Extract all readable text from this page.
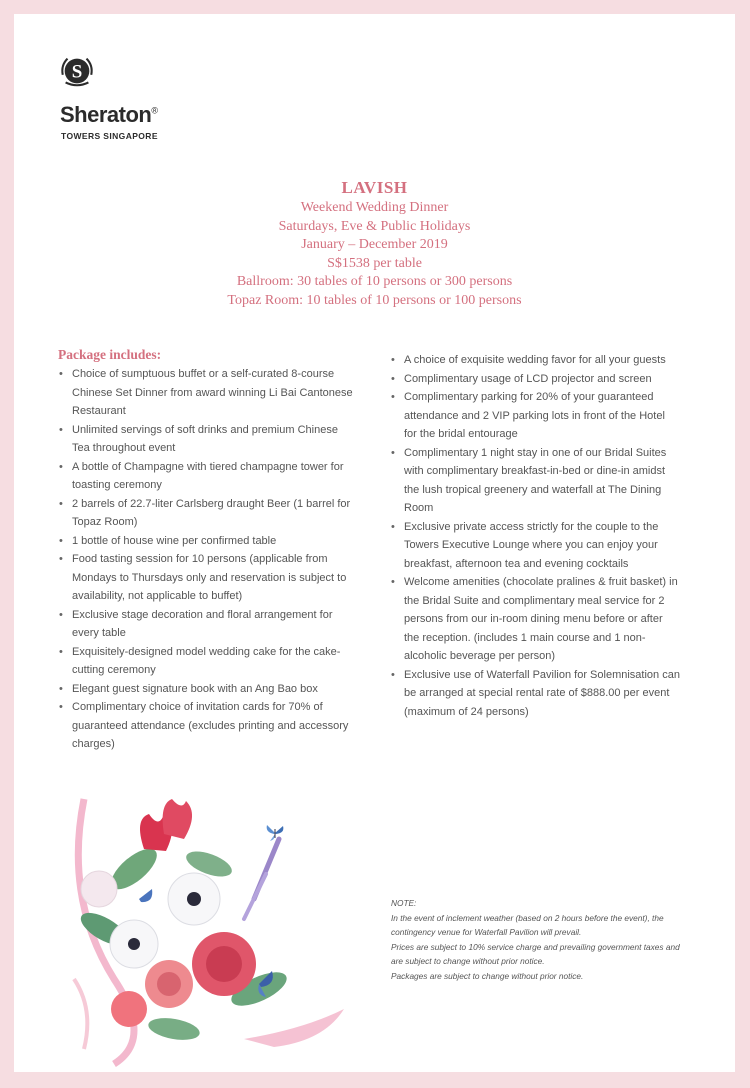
S
Sheraton®
TOWERS SINGAPORE
LAVISH
Weekend Wedding Dinner
Saturdays, Eve & Public Holidays
January – December 2019
S$1538 per table
Ballroom: 30 tables of 10 persons or 300 persons
Topaz Room: 10 tables of 10 persons or 100 persons
Package includes:
• Choice of sumptuous buffet or a self-curated 8-course Chinese Set Dinner from award winning Li Bai Cantonese Restaurant
• Unlimited servings of soft drinks and premium Chinese Tea throughout event
• A bottle of Champagne with tiered champagne tower for toasting ceremony
• 2 barrels of 22.7-liter Carlsberg draught Beer (1 barrel for Topaz Room)
• 1 bottle of house wine per confirmed table
• Food tasting session for 10 persons (applicable from Mondays to Thursdays only and reservation is subject to availability, not applicable to buffet)
• Exclusive stage decoration and floral arrangement for every table
• Exquisitely-designed model wedding cake for the cake-cutting ceremony
• Elegant guest signature book with an Ang Bao box
• Complimentary choice of invitation cards for 70% of guaranteed attendance (excludes printing and accessory charges)
• A choice of exquisite wedding favor for all your guests
• Complimentary usage of LCD projector and screen
• Complimentary parking for 20% of your guaranteed attendance and 2 VIP parking lots in front of the Hotel for the bridal entourage
• Complimentary 1 night stay in one of our Bridal Suites with complimentary breakfast-in-bed or dine-in amidst the lush tropical greenery and waterfall at The Dining Room
• Exclusive private access strictly for the couple to the Towers Executive Lounge where you can enjoy your breakfast, afternoon tea and evening cocktails
• Welcome amenities (chocolate pralines & fruit basket) in the Bridal Suite and complimentary meal service for 2 persons from our in-room dining menu before or after the reception. (includes 1 main course and 1 non-alcoholic beverage per person)
• Exclusive use of Waterfall Pavilion for Solemnisation can be arranged at special rental rate of $888.00 per event (maximum of 24 persons)
NOTE:
In the event of inclement weather (based on 2 hours before the event), the contingency venue for Waterfall Pavilion will prevail.
Prices are subject to 10% service charge and prevailing government taxes and are subject to change without prior notice.
Packages are subject to change without prior notice.
